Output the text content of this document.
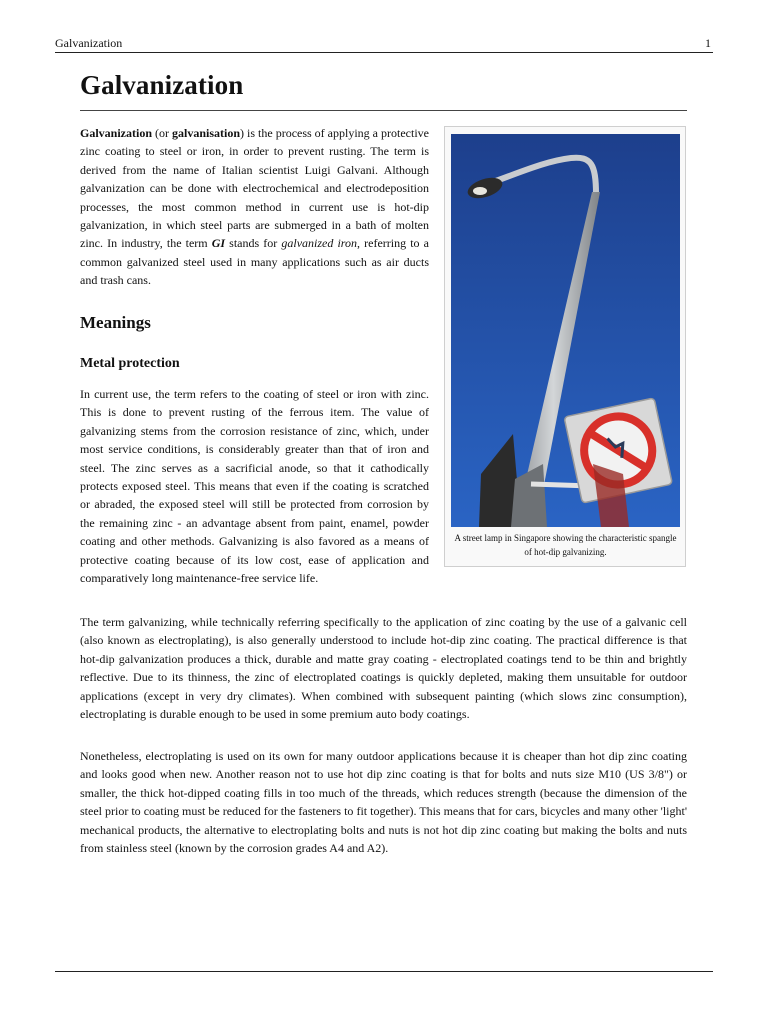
Galvanization	1
Galvanization

Galvanization (or galvanisation) is the process of applying a protective zinc coating to steel or iron, in order to prevent rusting. The term is derived from the name of Italian scientist Luigi Galvani. Although galvanization can be done with electrochemical and electrodeposition processes, the most common method in current use is hot-dip galvanization, in which steel parts are submerged in a bath of molten zinc. In industry, the term GI stands for galvanized iron, referring to a common galvanized steel used in many applications such as air ducts and trash cans.

Meanings
Metal protection

In current use, the term refers to the coating of steel or iron with zinc. This is done to prevent rusting of the ferrous item. The value of galvanizing stems from the corrosion resistance of zinc, which, under most service conditions, is considerably greater than that of iron and steel. The zinc serves as a sacrificial anode, so that it cathodically protects exposed steel. This means that even if the coating is scratched or abraded, the exposed steel will still be protected from corrosion by the remaining zinc - an advantage absent from paint, enamel, powder coating and other methods. Galvanizing is also favored as a means of protective coating because of its low cost, ease of application and comparatively long maintenance-free service life.

The term galvanizing, while technically referring specifically to the application of zinc coating by the use of a galvanic cell (also known as electroplating), is also generally understood to include hot-dip zinc coating. The practical difference is that hot-dip galvanization produces a thick, durable and matte gray coating - electroplated coatings tend to be thin and brightly reflective. Due to its thinness, the zinc of electroplated coatings is quickly depleted, making them unsuitable for outdoor applications (except in very dry climates). When combined with subsequent painting (which slows zinc consumption), electroplating is durable enough to be used in some premium auto body coatings.

Nonetheless, electroplating is used on its own for many outdoor applications because it is cheaper than hot dip zinc coating and looks good when new. Another reason not to use hot dip zinc coating is that for bolts and nuts size M10 (US 3/8") or smaller, the thick hot-dipped coating fills in too much of the threads, which reduces strength (because the dimension of the steel prior to coating must be reduced for the fasteners to fit together). This means that for cars, bicycles and many other 'light' mechanical products, the alternative to electroplating bolts and nuts is not hot dip zinc coating but making the bolts and nuts from stainless steel (known by the corrosion grades A4 and A2).

A street lamp in Singapore showing the characteristic spangle of hot-dip galvanizing.
